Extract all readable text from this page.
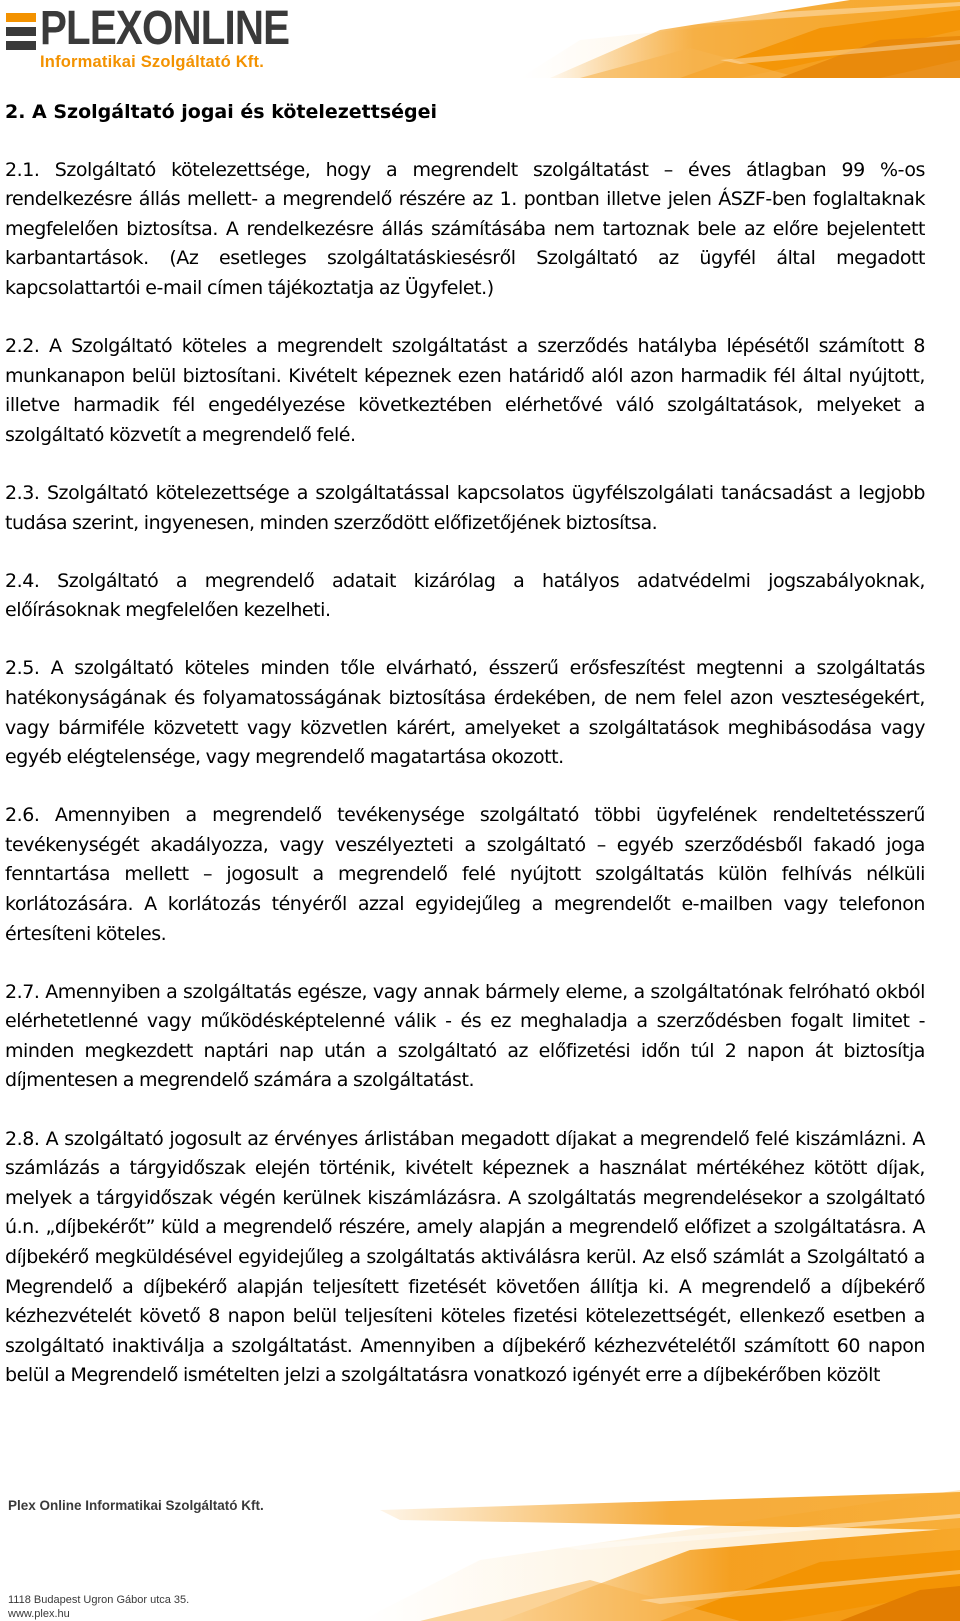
PLEXONLINE
Informatikai Szolgáltató Kft.
2. A Szolgáltató jogai és kötelezettségei

2.1. Szolgáltató kötelezettsége, hogy a megrendelt szolgáltatást – éves átlagban 99 %-os rendelkezésre állás mellett- a megrendelő részére az 1. pontban illetve jelen ÁSZF-ben foglaltaknak megfelelően biztosítsa. A rendelkezésre állás számításába nem tartoznak bele az előre bejelentett karbantartások. (Az esetleges szolgáltatáskiesésről Szolgáltató az ügyfél által megadott kapcsolattartói e-mail címen tájékoztatja az Ügyfelet.)

2.2. A Szolgáltató köteles a megrendelt szolgáltatást a szerződés hatályba lépésétől számított 8 munkanapon belül biztosítani. Kivételt képeznek ezen határidő alól azon harmadik fél által nyújtott, illetve harmadik fél engedélyezése következtében elérhetővé váló szolgáltatások, melyeket a szolgáltató közvetít a megrendelő felé.

2.3. Szolgáltató kötelezettsége a szolgáltatással kapcsolatos ügyfélszolgálati tanácsadást a legjobb tudása szerint, ingyenesen, minden szerződött előfizetőjének biztosítsa.

2.4. Szolgáltató a megrendelő adatait kizárólag a hatályos adatvédelmi jogszabályoknak, előírásoknak megfelelően kezelheti.

2.5. A szolgáltató köteles minden tőle elvárható, ésszerű erősfeszítést megtenni a szolgáltatás hatékonyságának és folyamatosságának biztosítása érdekében, de nem felel azon veszteségekért, vagy bármiféle közvetett vagy közvetlen kárért, amelyeket a szolgáltatások meghibásodása vagy egyéb elégtelensége, vagy megrendelő magatartása okozott.

2.6. Amennyiben a megrendelő tevékenysége szolgáltató többi ügyfelének rendeltetésszerű tevékenységét akadályozza, vagy veszélyezteti a szolgáltató – egyéb szerződésből fakadó joga fenntartása mellett – jogosult a megrendelő felé nyújtott szolgáltatás külön felhívás nélküli korlátozására. A korlátozás tényéről azzal egyidejűleg a megrendelőt e-mailben vagy telefonon értesíteni köteles.

2.7. Amennyiben a szolgáltatás egésze, vagy annak bármely eleme, a szolgáltatónak felróható okból elérhetetlenné vagy működésképtelenné válik - és ez meghaladja a szerződésben fogalt limitet - minden megkezdett naptári nap után a szolgáltató az előfizetési időn túl 2 napon át biztosítja díjmentesen a megrendelő számára a szolgáltatást.

2.8. A szolgáltató jogosult az érvényes árlistában megadott díjakat a megrendelő felé kiszámlázni. A számlázás a tárgyidőszak elején történik, kivételt képeznek a használat mértékéhez kötött díjak, melyek a tárgyidőszak végén kerülnek kiszámlázásra. A szolgáltatás megrendelésekor a szolgáltató ú.n. „díjbekérőt” küld a megrendelő részére, amely alapján a megrendelő előfizet a szolgáltatásra. A díjbekérő megküldésével egyidejűleg a szolgáltatás aktiválásra kerül. Az első számlát a Szolgáltató a Megrendelő a díjbekérő alapján teljesített fizetését követően állítja ki. A megrendelő a díjbekérő kézhezvételét követő 8 napon belül teljesíteni köteles fizetési kötelezettségét, ellenkező esetben a szolgáltató inaktiválja a szolgáltatást. Amennyiben a díjbekérő kézhezvételétől számított 60 napon belül a Megrendelő ismételten jelzi a szolgáltatásra vonatkozó igényét erre a díjbekérőben közölt

Plex Online Informatikai Szolgáltató Kft.
1118 Budapest Ugron Gábor utca 35.
www.plex.hu
